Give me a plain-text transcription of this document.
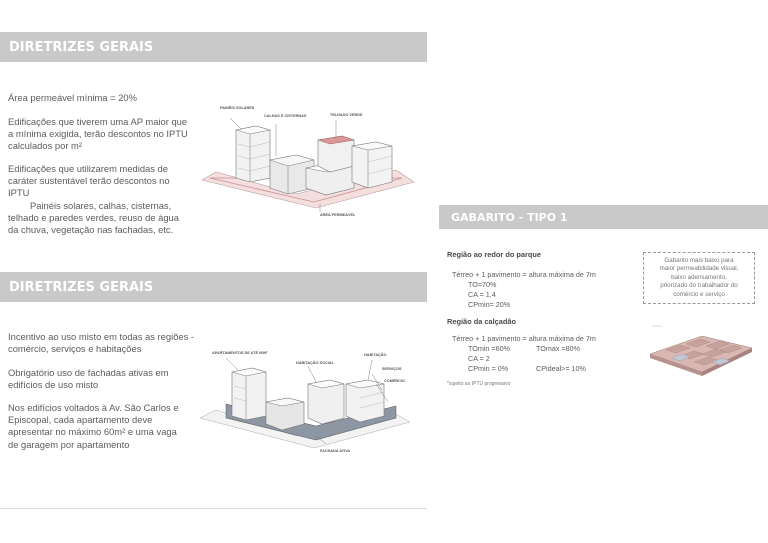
DIRETRIZES GERAIS
Área permeável mínima = 20%
Edificações que tiverem uma AP maior que
a mínima exigida, terão descontos no IPTU
calculados por m²
Edificações que utilizarem medidas de
caráter sustentável terão descontos no
IPTU
Painéis solares, calhas, cisternas,
telhado e paredes verdes, reuso de água
da chuva, vegetação nas fachadas, etc.
PAINÉIS SOLARES
CALHAS E CISTERNAS	TELHADO VERDE
ÁREA PERMEÁVEL
DIRETRIZES GERAIS
Incentivo ao uso misto em todas as regiões -
comércio, serviços e habitações
Obrigatório uso de fachadas ativas em
edifícios de uso misto
Nos edifícios voltados à Av. São Carlos e
Episcopal, cada apartamento deve
apresentar no máximo 60m² e uma vaga
de garagem por apartamento
APARTAMENTOS DE ATÉ 60M²
HABITAÇÃO SOCIAL
HABITAÇÃO
SERVIÇOS
COMÉRCIO
FACHADA ATIVA
GABARITO - TIPO 1
Região ao redor do parque
Térreo + 1 pavimento = altura máxima de 7m
TO=70%
CA = 1,4
CPmin= 20%
Região da calçadão
Térreo + 1 pavimento = altura máxima de 7m
TOmin =60%	TOmax =80%
CA = 2
CPmin = 0%	CPideal>= 10%
*sujeito ao IPTU progressivo
Gabarito mais baixo para
maior permeabilidade visual,
baixo adensamento,
priorizado do trabalhador do
comércio e serviço
